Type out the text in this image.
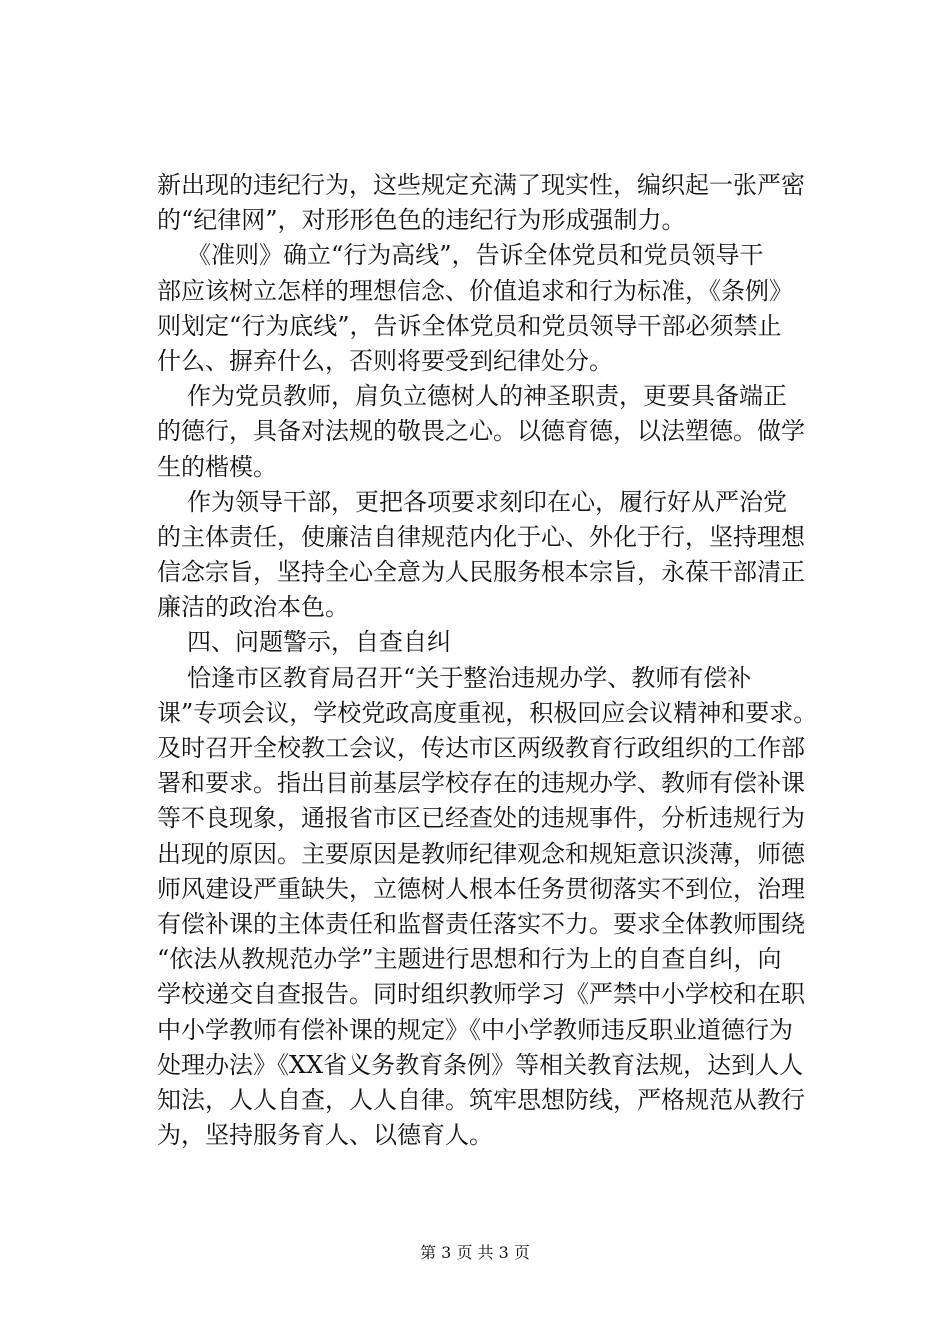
新出现的违纪行为，这些规定充满了现实性，编织起一张严密
的“纪律网”，对形形色色的违纪行为形成强制力。
《准则》确立“行为高线”，告诉全体党员和党员领导干
部应该树立怎样的理想信念、价值追求和行为标准，《条例》
则划定“行为底线”，告诉全体党员和党员领导干部必须禁止
什么、摒弃什么，否则将要受到纪律处分。
作为党员教师，肩负立德树人的神圣职责，更要具备端正
的德行，具备对法规的敬畏之心。以德育德，以法塑德。做学
生的楷模。
作为领导干部，更把各项要求刻印在心，履行好从严治党
的主体责任，使廉洁自律规范内化于心、外化于行，坚持理想
信念宗旨，坚持全心全意为人民服务根本宗旨，永葆干部清正
廉洁的政治本色。
四、问题警示，自查自纠
恰逢市区教育局召开“关于整治违规办学、教师有偿补
课”专项会议，学校党政高度重视，积极回应会议精神和要求。
及时召开全校教工会议，传达市区两级教育行政组织的工作部
署和要求。指出目前基层学校存在的违规办学、教师有偿补课
等不良现象，通报省市区已经查处的违规事件，分析违规行为
出现的原因。主要原因是教师纪律观念和规矩意识淡薄，师德
师风建设严重缺失，立德树人根本任务贯彻落实不到位，治理
有偿补课的主体责任和监督责任落实不力。要求全体教师围绕
“依法从教规范办学”主题进行思想和行为上的自查自纠，向
学校递交自查报告。同时组织教师学习《严禁中小学校和在职
中小学教师有偿补课的规定》《中小学教师违反职业道德行为
处理办法》《XX省义务教育条例》等相关教育法规，达到人人
知法，人人自查，人人自律。筑牢思想防线，严格规范从教行
为，坚持服务育人、以德育人。
第 3 页 共 3 页
